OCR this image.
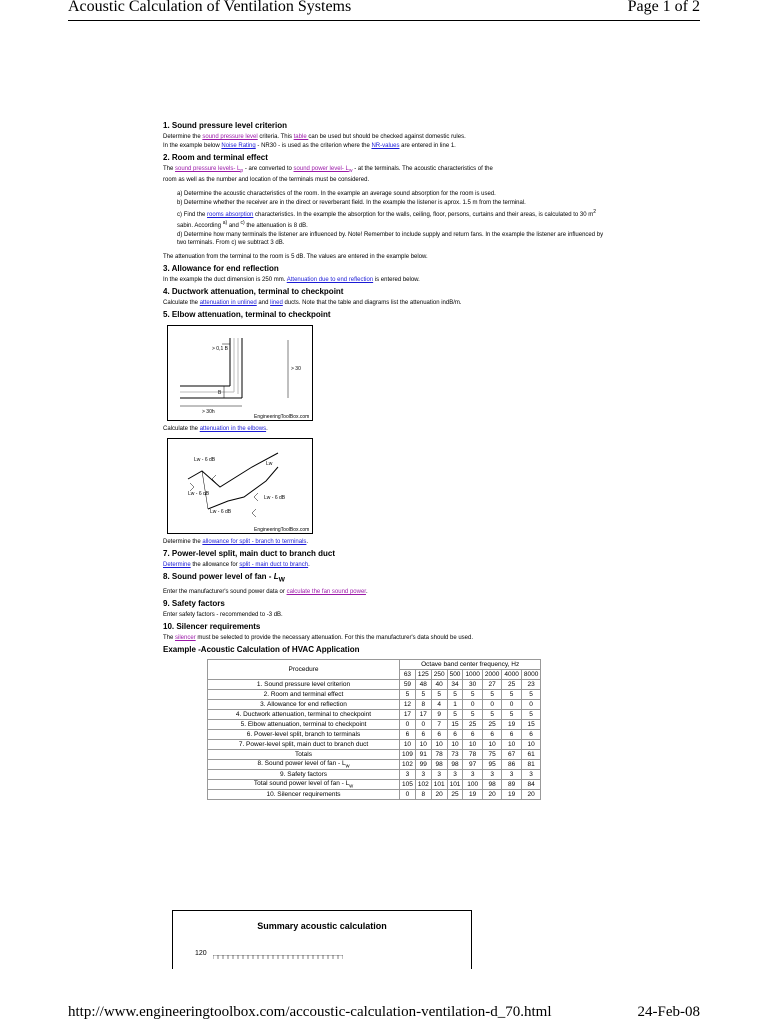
Acoustic Calculation of Ventilation Systems	Page 1 of 2
1. Sound pressure level criterion
Determine the sound pressure level criteria. This table can be used but should be checked against domestic rules.
In the example below Noise Rating - NR30 - is used as the criterion where the NR-values are entered in line 1.
2. Room and terminal effect
The sound pressure levels- $L_p$ - are converted to sound power level- $L_w$ - at the terminals. The acoustic characteristics of the
room as well as the number and location of the terminals must be considered.
a) Determine the acoustic characteristics of the room. In the example an average sound absorption for the room is used.
b) Determine whether the receiver are in the direct or reverberant field. In the example the listener is aprox. 1.5 m from the terminal.
c) Find the rooms absorption characteristics. In the example the absorption for the walls, ceiling, floor, persons, curtains and their areas, is calculated to 30 $m^2$ sabin. According $^{a)}$ and $^{c)}$ the attenuation is 8 dB.
d) Determine how many terminals the listener are influenced by. Note! Remember to include supply and return fans. In the example the listener are influenced by two terminals. From c) we subtract 3 dB.
The attenuation from the terminal to the room is 5 dB. The values are entered in the example below.
3. Allowance for end reflection
In the example the duct dimension is 250 mm. Attenuation due to end reflection is entered below.
4. Ductwork attenuation, terminal to checkpoint
Calculate the attenuation in unlined and lined ducts. Note that the table and diagrams list the attenuation indB/m.
5. Elbow attenuation, terminal to checkpoint
> 0,1 B
> 30
B
> 30h
EngineeringToolBox.com
Calculate the attenuation in the elbows.
Lw - 6 dB
Lw
Lw - 6 dB
Lw - 6 dB
Lw - 6 dB
EngineeringToolBox.com
Determine the allowance for split - branch to terminals.
7. Power-level split, main duct to branch duct
Determine the allowance for split - main duct to branch.
8. Sound power level of fan - $L_W$
Enter the manufacturer's sound power data or calculate the fan sound power.
9. Safety factors
Enter safety factors - recommended to -3 dB.
10. Silencer requirements
The silencer must be selected to provide the necessary attenuation. For this the manufacturer's data should be used.
Example -Acoustic Calculation of HVAC Application
Procedure	Octave band center frequency, Hz							
	63	125	250	500	1000	2000	4000	8000
1. Sound pressure level criterion	59	48	40	34	30	27	25	23
2. Room and terminal effect	5	5	5	5	5	5	5	5
3. Allowance for end reflection	12	8	4	1	0	0	0	0
4. Ductwork attenuation, terminal to checkpoint	17	17	9	5	5	5	5	5
5. Elbow attenuation, terminal to checkpoint	0	0	7	15	25	25	19	15
6. Power-level split, branch to terminals	6	6	6	6	6	6	6	6
7. Power-level split, main duct to branch duct	10	10	10	10	10	10	10	10
Totals	109	91	78	73	78	75	67	61
8. Sound power level of fan - $L_w$	102	99	98	98	97	95	86	81
9. Safety factors	3	3	3	3	3	3	3	3
Total sound power level of fan - $L_w$	105	102	101	101	100	98	89	84
10. Silencer requirements	0	8	20	25	19	20	19	20
Summary acoustic calculation
120
http://www.engineeringtoolbox.com/accoustic-calculation-ventilation-d_70.html	24-Feb-08
